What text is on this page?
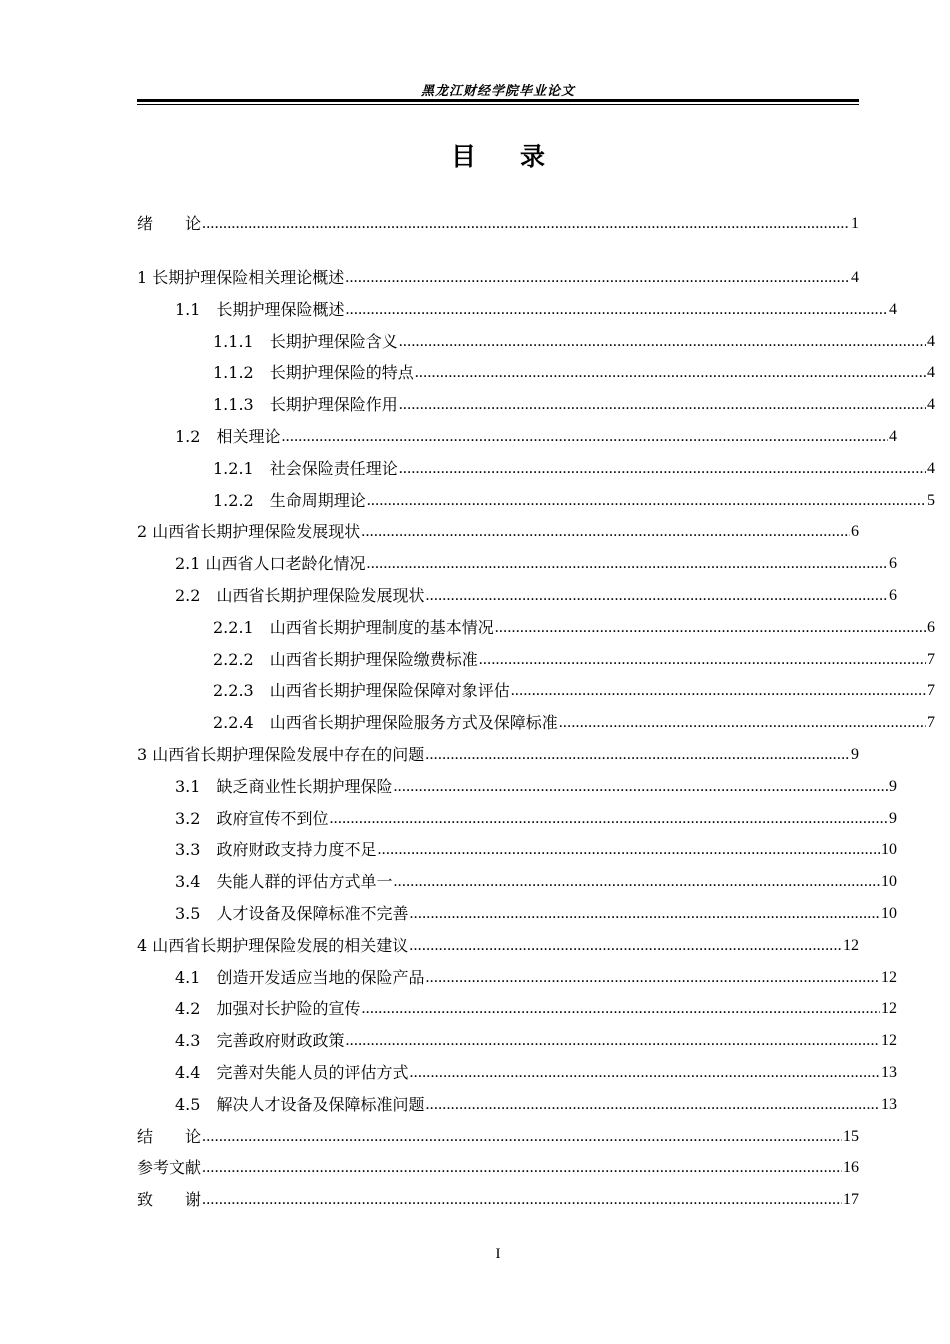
黑龙江财经学院毕业论文
目录
绪　　论 .....	1
1 长期护理保险相关理论概述 .....	4
1.1　 长期护理保险概述 .....	4
1.1.1　 长期护理保险含义 .....	4
1.1.2　 长期护理保险的特点 .....	4
1.1.3　 长期护理保险作用 .....	4
1.2　 相关理论 .....	4
1.2.1　 社会保险责任理论 .....	4
1.2.2　 生命周期理论 .....	5
2 山西省长期护理保险发展现状 .....	6
2.1 山西省人口老龄化情况 .....	6
2.2　 山西省长期护理保险发展现状 .....	6
2.2.1　 山西省长期护理制度的基本情况 .....	6
2.2.2　 山西省长期护理保险缴费标准 .....	7
2.2.3　 山西省长期护理保险保障对象评估 .....	7
2.2.4　 山西省长期护理保险服务方式及保障标准 .....	7
3 山西省长期护理保险发展中存在的问题 .....	9
3.1　 缺乏商业性长期护理保险 .....	9
3.2　 政府宣传不到位 .....	9
3.3　 政府财政支持力度不足 .....	10
3.4　 失能人群的评估方式单一 .....	10
3.5　 人才设备及保障标准不完善 .....	10
4 山西省长期护理保险发展的相关建议 .....	12
4.1　 创造开发适应当地的保险产品 .....	12
4.2　 加强对长护险的宣传 .....	12
4.3　 完善政府财政政策 .....	12
4.4　 完善对失能人员的评估方式 .....	13
4.5　 解决人才设备及保障标准问题 .....	13
结　　论 .....	15
参考文献 .....	16
致　　谢 .....	17
I
